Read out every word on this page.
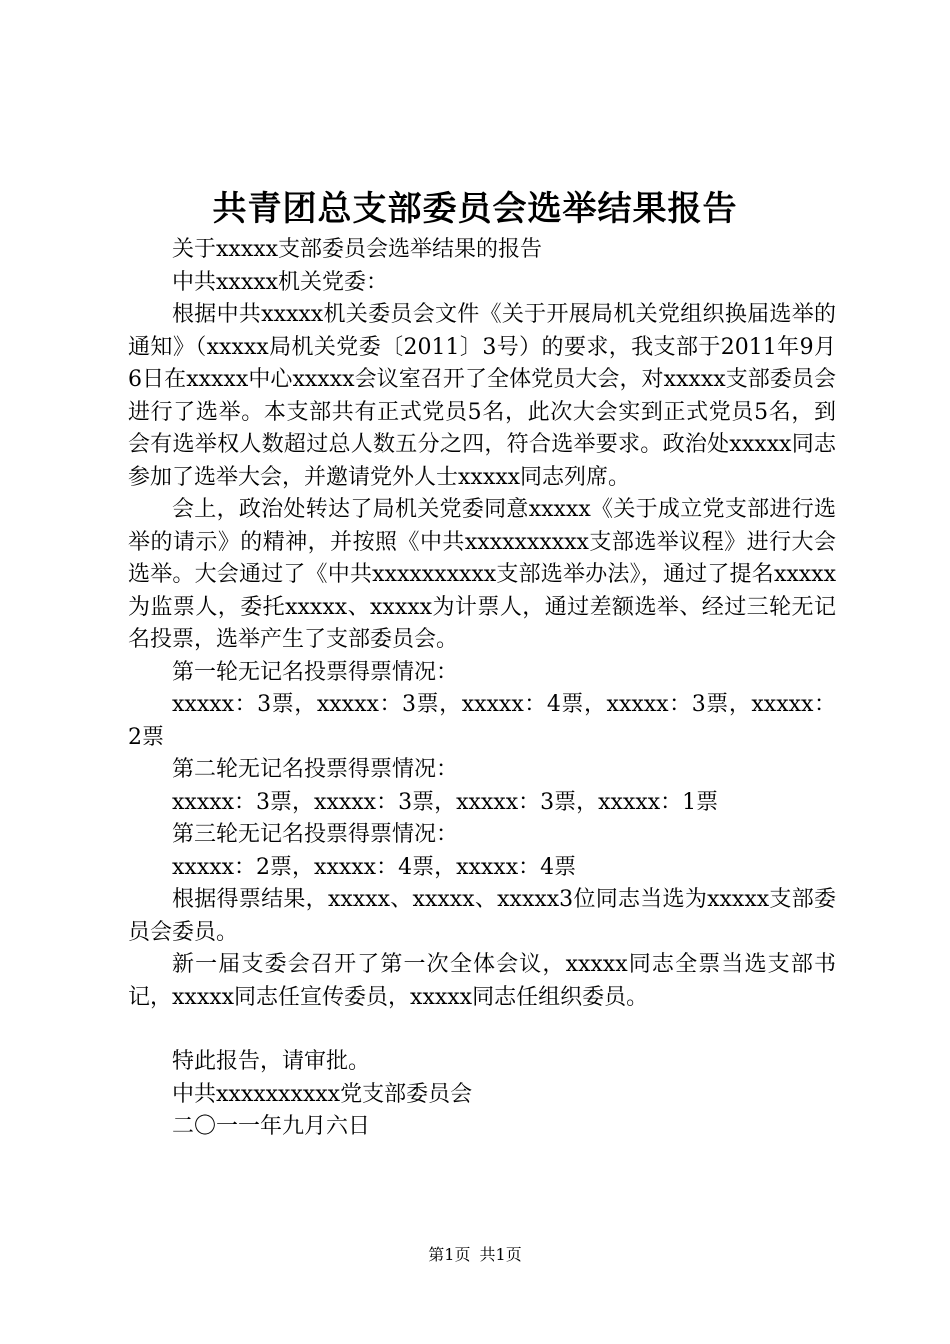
共青团总支部委员会选举结果报告

关于xxxxx支部委员会选举结果的报告

中共xxxxx机关党委：

根据中共xxxxx机关委员会文件《关于开展局机关党组织换届选举的通知》（xxxxx局机关党委〔2011〕3号）的要求，我支部于2011年9月6日在xxxxx中心xxxxx会议室召开了全体党员大会，对xxxxx支部委员会进行了选举。本支部共有正式党员5名，此次大会实到正式党员5名，到会有选举权人数超过总人数五分之四，符合选举要求。政治处xxxxx同志参加了选举大会，并邀请党外人士xxxxx同志列席。

会上，政治处转达了局机关党委同意xxxxx《关于成立党支部进行选举的请示》的精神，并按照《中共xxxxxxxxxx支部选举议程》进行大会选举。大会通过了《中共xxxxxxxxxx支部选举办法》，通过了提名xxxxx为监票人，委托xxxxx、xxxxx为计票人，通过差额选举、经过三轮无记名投票，选举产生了支部委员会。

第一轮无记名投票得票情况：

xxxxx：3票，xxxxx：3票，xxxxx：4票，xxxxx：3票，xxxxx：2票

第二轮无记名投票得票情况：

xxxxx：3票，xxxxx：3票，xxxxx：3票，xxxxx：1票

第三轮无记名投票得票情况：

xxxxx：2票，xxxxx：4票，xxxxx：4票

根据得票结果，xxxxx、xxxxx、xxxxx3位同志当选为xxxxx支部委员会委员。

新一届支委会召开了第一次全体会议，xxxxx同志全票当选支部书记，xxxxx同志任宣传委员，xxxxx同志任组织委员。

特此报告，请审批。

中共xxxxxxxxxx党支部委员会

二〇一一年九月六日

第1页 共1页
